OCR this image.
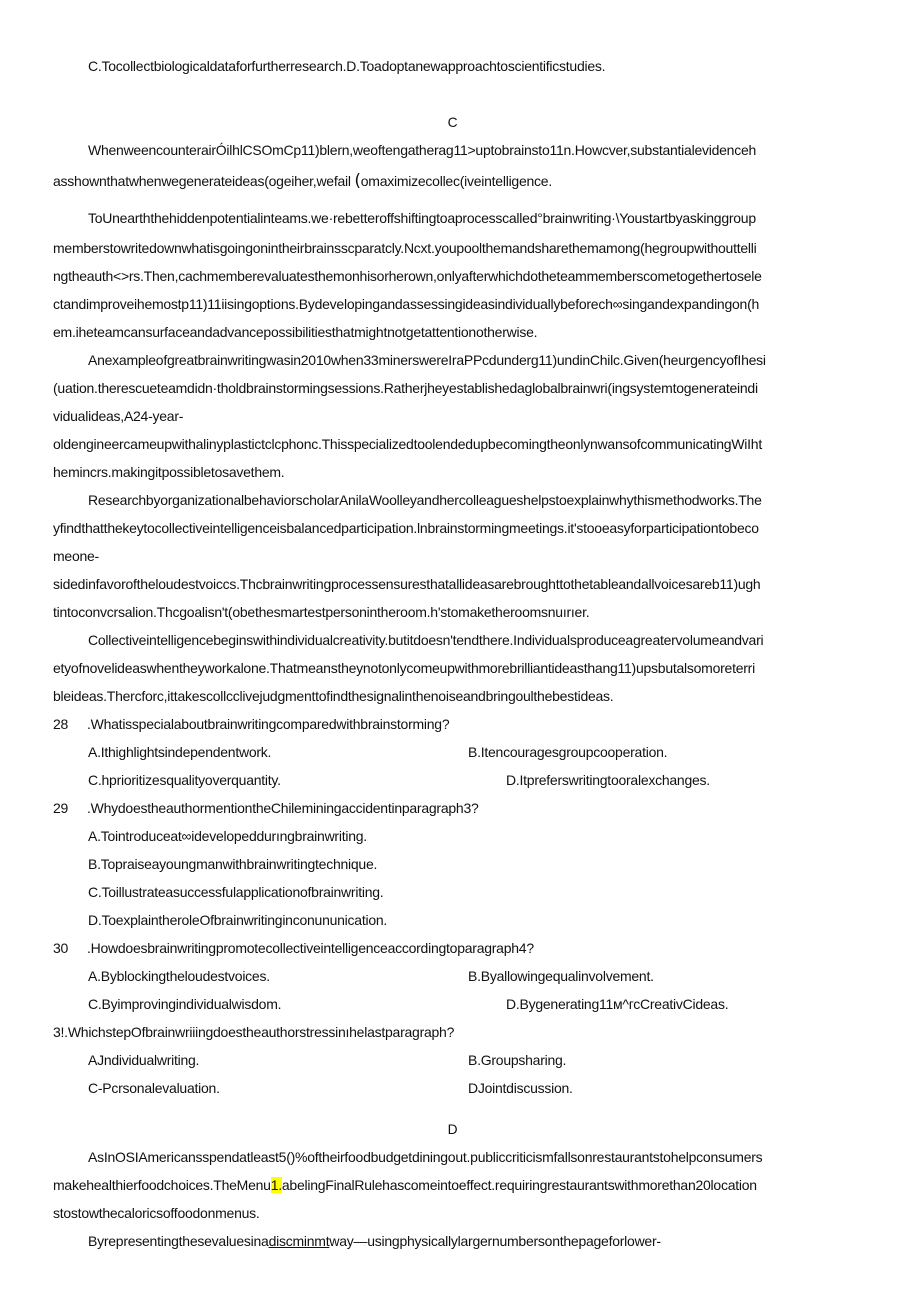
C.Tocollectbiologicaldataforfurtherresearch.D.Toadoptanewapproachtoscientificstudies.
C
WhenweencounterairÓilhlCSOmCp11)blern,weoftengatherag11>uptobrainsto11n.Howcver,substantialevidenceh
asshownthatwhenwegenerateideas(ogeiher,wefail (omaximizecollec(iveintelligence.
ToUnearththehiddenpotentialinteams.we·rebetteroffshiftingtoaprocesscalled°brainwriting·\Youstartbyaskinggroup
memberstowritedownwhatisgoingonintheirbrainsscparatcly.Ncxt.youpoolthemandsharethemamong(hegroupwithouttelli
ngtheauth<>rs.Then,cachmemberevaluatesthemonhisorherown,onlyafterwhichdotheteammemberscometogethertosele
ctandimproveihemostp11)11iisingoptions.Bydevelopingandassessingideasindividuallybeforech∞singandexpandingon(h
em.iheteamcansurfaceandadvancepossibilitiesthatmightnotgetattentionotherwise.
Anexampleofgreatbrainwritingwasin2010when33minerswereIraPPcdunderg11)undinChilc.Given(heurgencyofIhesi
(uation.therescueteamdidn·tholdbrainstormingsessions.Ratherjheyestablishedaglobalbrainwri(ingsystemtogenerateindi
vidualideas,A24-year-
oldengineercameupwithalinyplastictclcphonc.ThisspecializedtoolendedupbecomingtheonlynwansofcommunicatingWiIht
hemincrs.makingitpossibletosavethem.
ResearchbyorganizationalbehaviorscholarAnilaWoolleyandhercolleagueshelpstoexplainwhythismethodworks.The
yfindthatthekeytocollectiveintelligenceisbalancedparticipation.lnbrainstormingmeetings.it'stooeasyforparticipationtobeco
meone-
sidedinfavoroftheloudestvoiccs.Thcbrainwritingprocessensuresthatallideasarebroughttothetableandallvoicesareb11)ugh
tintoconvcrsalion.Thcgoalisn't(obethesmartestpersonintheroom.h'stomaketheroomsnuırıer.
Collectiveintelligencebeginswithindividualcreativity.butitdoesn'tendthere.Individualsproduceagreatervolumeandvari
etyofnovelideaswhentheyworkalone.Thatmeanstheynotonlycomeupwithmorebrilliantideasthang11)upsbutalsomoreterri
bleideas.Thercforc,ittakescollcclivejudgmenttofindthesignalinthenoiseandbringoulthebestideas.
28 .Whatisspecialaboutbrainwritingcomparedwithbrainstorming?
A.Ithighlightsindependentwork.	B.Itencouragesgroupcooperation.
C.hprioritizesqualityoverquantity.	D.Itpreferswritingtooralexchanges.
29 .WhydoestheauthormentiontheChileminingaccidentinparagraph3?
A.Tointroduceat∞idevelopeddurıngbrainwriting.
B.Topraiseayoungmanwithbrainwritingtechnique.
C.Toillustrateasuccessfulapplicationofbrainwriting.
D.ToexplaintheroleOfbrainwritinginconununication.
30 .Howdoesbrainwritingpromotecollectiveintelligenceaccordingtoparagraph4?
A.Byblockingtheloudestvoices.	B.Byallowingequalinvolvement.
C.Byimprovingindividualwisdom.	D.Bygenerating11м^гсCreativCideas.
3!.WhichstepOfbrainwriiingdoestheauthorstressinıhelastparagraph?
AJndividualwriting.	B.Groupsharing.
C-Pcrsonalevaluation.	DJointdiscussion.
D
AsInOSIAmericansspendatleast5()%oftheirfoodbudgetdiningout.publiccriticismfallsonrestaurantstohelpconsumers
makehealthierfoodchoices.TheMenu1.abelingFinalRulehascomeintoeffect.requiringrestaurantswithmorethan20location
stostowthecaloricsoffoodonmenus.
Byrepresentingthesevaluesinadiscminmtway—usingphysicallylargernumbersonthepageforlower-
